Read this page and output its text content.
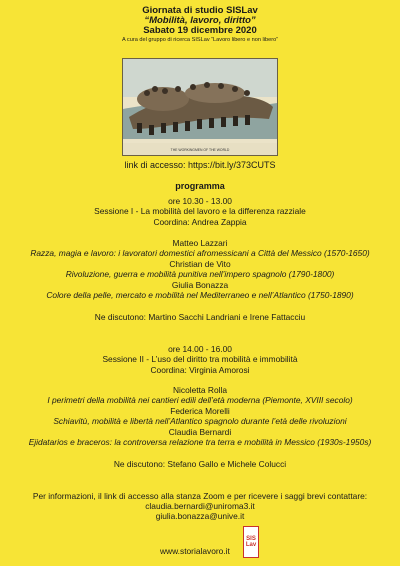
Giornata di studio SISLav
“Mobilità, lavoro, diritto”
Sabato 19 dicembre 2020
A cura del gruppo di ricerca SISLav “Lavoro libero e non libero”
THE WORKINGMEN OF THE WORLD
link di accesso: https://bit.ly/373CUTS
programma
ore 10.30 - 13.00
Sessione I - La mobilità del lavoro e la differenza razziale
Coordina: Andrea Zappia
Matteo Lazzari
Razza, magia e lavoro: i lavoratori domestici afromessicani a Città del Messico (1570-1650)
Christian de Vito
Rivoluzione, guerra e mobilità punitiva nell’impero spagnolo (1790-1800)
Giulia Bonazza
Colore della pelle, mercato e mobilità nel Mediterraneo e nell’Atlantico (1750-1890)
Ne discutono: Martino Sacchi Landriani e Irene Fattacciu
ore 14.00 - 16.00
Sessione II - L’uso del diritto tra mobilità e immobilità
Coordina: Virginia Amorosi
Nicoletta Rolla
I perimetri della mobilità nei cantieri edili dell’età moderna (Piemonte, XVIII secolo)
Federica Morelli
Schiavitù, mobilità e libertà nell’Atlantico spagnolo durante l’età delle rivoluzioni
Claudia Bernardi
Ejidatarios e braceros: la controversa relazione tra terra e mobilità in Messico (1930s-1950s)
Ne discutono: Stefano Gallo e Michele Colucci
Per informazioni, il link di accesso alla stanza Zoom e per ricevere i saggi brevi contattare:
claudia.bernardi@uniroma3.it
giulia.bonazza@unive.it
www.storialavoro.it
SIS
Lav
